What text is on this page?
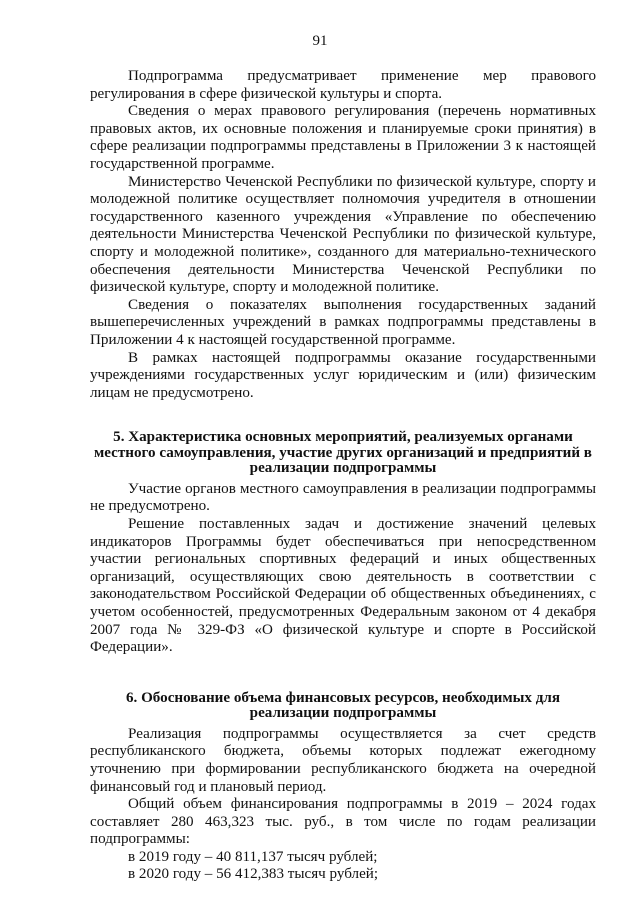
91

Подпрограмма предусматривает применение мер правового регулирования в сфере физической культуры и спорта.

Сведения о мерах правового регулирования (перечень нормативных правовых актов, их основные положения и планируемые сроки принятия) в сфере реализации подпрограммы представлены в Приложении 3 к настоящей государственной программе.

Министерство Чеченской Республики по физической культуре, спорту и молодежной политике осуществляет полномочия учредителя в отношении государственного казенного учреждения «Управление по обеспечению деятельности Министерства Чеченской Республики по физической культуре, спорту и молодежной политике», созданного для материально-технического обеспечения деятельности Министерства Чеченской Республики по физической культуре, спорту и молодежной политике.

Сведения о показателях выполнения государственных заданий вышеперечисленных учреждений в рамках подпрограммы представлены в Приложении 4 к настоящей государственной программе.

В рамках настоящей подпрограммы оказание государственными учреждениями государственных услуг юридическим и (или) физическим лицам не предусмотрено.

5. Характеристика основных мероприятий, реализуемых органами

местного самоуправления, участие других организаций и предприятий в

реализации подпрограммы

Участие органов местного самоуправления в реализации подпрограммы не предусмотрено.

Решение поставленных задач и достижение значений целевых индикаторов Программы будет обеспечиваться при непосредственном участии региональных спортивных федераций и иных общественных организаций, осуществляющих свою деятельность в соответствии с законодательством Российской Федерации об общественных объединениях, с учетом особенностей, предусмотренных Федеральным законом от 4 декабря 2007 года № 329-ФЗ «О физической культуре и спорте в Российской Федерации».

6. Обоснование объема финансовых ресурсов, необходимых для

реализации подпрограммы

Реализация подпрограммы осуществляется за счет средств республиканского бюджета, объемы которых подлежат ежегодному уточнению при формировании республиканского бюджета на очередной финансовый год и плановый период.

Общий объем финансирования подпрограммы в 2019 – 2024 годах составляет 280 463,323 тыс. руб., в том числе по годам реализации подпрограммы:

в 2019 году – 40 811,137 тысяч рублей;

в 2020 году – 56 412,383 тысяч рублей;
